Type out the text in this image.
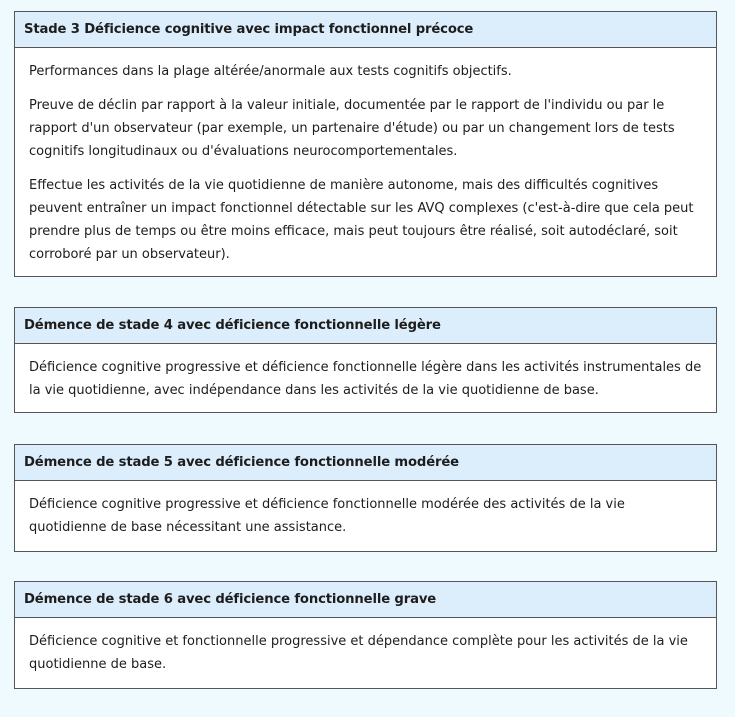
Stade 3 Déficience cognitive avec impact fonctionnel précoce

Performances dans la plage altérée/anormale aux tests cognitifs objectifs.

Preuve de déclin par rapport à la valeur initiale, documentée par le rapport de l'individu ou par le rapport d'un observateur (par exemple, un partenaire d'étude) ou par un changement lors de tests cognitifs longitudinaux ou d'évaluations neurocomportementales.

Effectue les activités de la vie quotidienne de manière autonome, mais des difficultés cognitives peuvent entraîner un impact fonctionnel détectable sur les AVQ complexes (c'est-à-dire que cela peut prendre plus de temps ou être moins efficace, mais peut toujours être réalisé, soit autodéclaré, soit corroboré par un observateur).

Démence de stade 4 avec déficience fonctionnelle légère

Déficience cognitive progressive et déficience fonctionnelle légère dans les activités instrumentales de la vie quotidienne, avec indépendance dans les activités de la vie quotidienne de base.

Démence de stade 5 avec déficience fonctionnelle modérée

Déficience cognitive progressive et déficience fonctionnelle modérée des activités de la vie quotidienne de base nécessitant une assistance.

Démence de stade 6 avec déficience fonctionnelle grave

Déficience cognitive et fonctionnelle progressive et dépendance complète pour les activités de la vie quotidienne de base.
